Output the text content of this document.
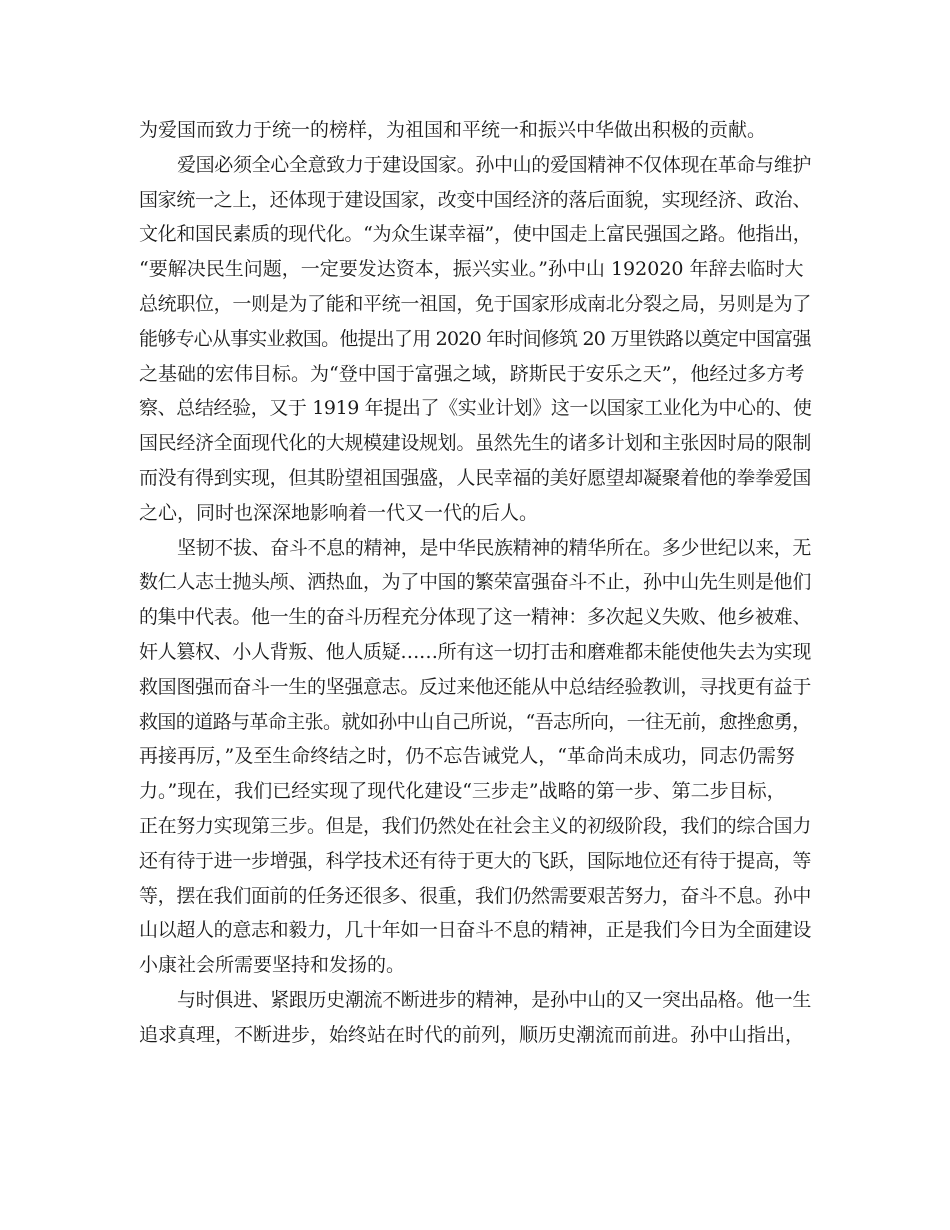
为爱国而致力于统一的榜样，为祖国和平统一和振兴中华做出积极的贡献。
爱国必须全心全意致力于建设国家。孙中山的爱国精神不仅体现在革命与维护
国家统一之上，还体现于建设国家，改变中国经济的落后面貌，实现经济、政治、
文化和国民素质的现代化。“为众生谋幸福”，使中国走上富民强国之路。他指出，
“要解决民生问题，一定要发达资本，振兴实业。”孙中山 192020 年辞去临时大
总统职位，一则是为了能和平统一祖国，免于国家形成南北分裂之局，另则是为了
能够专心从事实业救国。他提出了用 2020 年时间修筑 20 万里铁路以奠定中国富强
之基础的宏伟目标。为“登中国于富强之域，跻斯民于安乐之天”，他经过多方考
察、总结经验，又于 1919 年提出了《实业计划》这一以国家工业化为中心的、使
国民经济全面现代化的大规模建设规划。虽然先生的诸多计划和主张因时局的限制
而没有得到实现，但其盼望祖国强盛，人民幸福的美好愿望却凝聚着他的拳拳爱国
之心，同时也深深地影响着一代又一代的后人。
坚韧不拔、奋斗不息的精神，是中华民族精神的精华所在。多少世纪以来，无
数仁人志士抛头颅、洒热血，为了中国的繁荣富强奋斗不止，孙中山先生则是他们
的集中代表。他一生的奋斗历程充分体现了这一精神：多次起义失败、他乡被难、
奸人篡权、小人背叛、他人质疑……所有这一切打击和磨难都未能使他失去为实现
救国图强而奋斗一生的坚强意志。反过来他还能从中总结经验教训，寻找更有益于
救国的道路与革命主张。就如孙中山自己所说，“吾志所向，一往无前，愈挫愈勇，
再接再厉，”及至生命终结之时，仍不忘告诫党人，“革命尚未成功，同志仍需努
力。”现在，我们已经实现了现代化建设“三步走”战略的第一步、第二步目标，
正在努力实现第三步。但是，我们仍然处在社会主义的初级阶段，我们的综合国力
还有待于进一步增强，科学技术还有待于更大的飞跃，国际地位还有待于提高，等
等，摆在我们面前的任务还很多、很重，我们仍然需要艰苦努力，奋斗不息。孙中
山以超人的意志和毅力，几十年如一日奋斗不息的精神，正是我们今日为全面建设
小康社会所需要坚持和发扬的。
与时俱进、紧跟历史潮流不断进步的精神，是孙中山的又一突出品格。他一生
追求真理，不断进步，始终站在时代的前列，顺历史潮流而前进。孙中山指出，
